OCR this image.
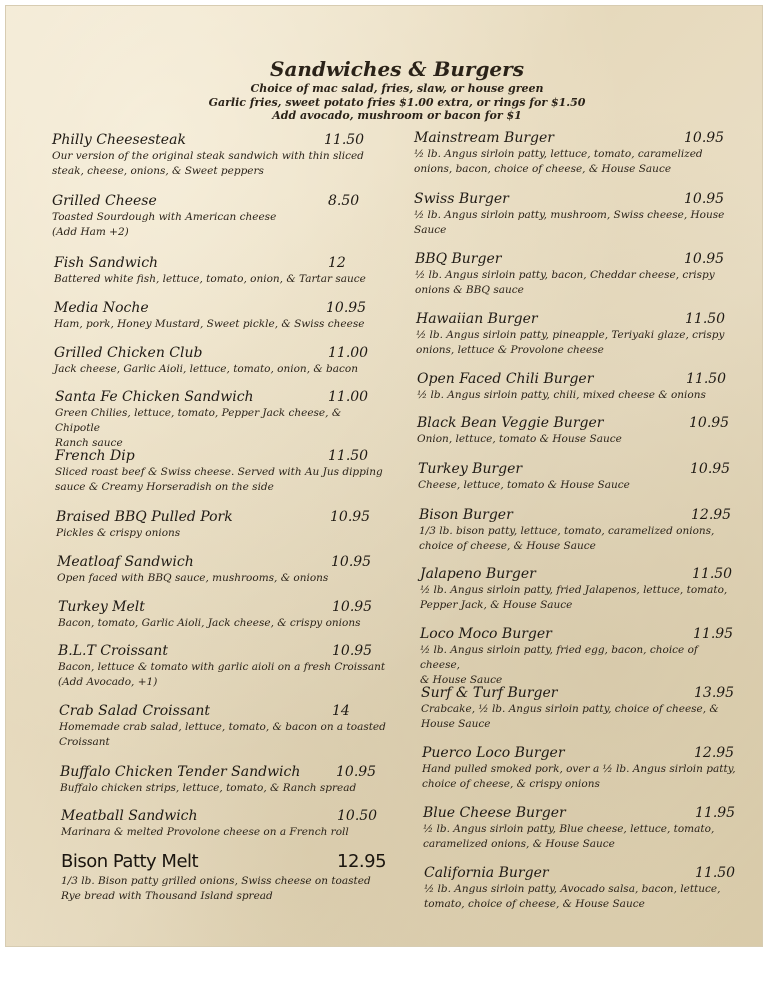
Sandwiches & Burgers
Choice of mac salad, fries, slaw, or house green
Garlic fries, sweet potato fries $1.00 extra, or rings for $1.50
Add avocado, mushroom or bacon for $1
Philly Cheesesteak	11.50
Our version of the original steak sandwich with thin sliced
steak, cheese, onions, & Sweet peppers
Grilled Cheese	8.50
Toasted Sourdough with American cheese
(Add Ham +2)
Fish Sandwich	12
Battered white fish, lettuce, tomato, onion, & Tartar sauce
Media Noche	10.95
Ham, pork, Honey Mustard, Sweet pickle, & Swiss cheese
Grilled Chicken Club	11.00
Jack cheese, Garlic Aioli, lettuce, tomato, onion, & bacon
Santa Fe Chicken Sandwich	11.00
Green Chilies, lettuce, tomato, Pepper Jack cheese, & Chipotle
Ranch sauce
French Dip	11.50
Sliced roast beef & Swiss cheese. Served with Au Jus dipping
sauce & Creamy Horseradish on the side
Braised BBQ Pulled Pork	10.95
Pickles & crispy onions
Meatloaf Sandwich	10.95
Open faced with BBQ sauce, mushrooms, & onions
Turkey Melt	10.95
Bacon, tomato, Garlic Aioli, Jack cheese, & crispy onions
B.L.T Croissant	10.95
Bacon, lettuce & tomato with garlic aioli on a fresh Croissant
(Add Avocado, +1)
Crab Salad Croissant	14
Homemade crab salad, lettuce, tomato, & bacon on a toasted
Croissant
Buffalo Chicken Tender Sandwich	10.95
Buffalo chicken strips, lettuce, tomato, & Ranch spread
Meatball Sandwich	10.50
Marinara & melted Provolone cheese on a French roll
Bison Patty Melt	12.95
1/3 lb. Bison patty grilled onions, Swiss cheese on toasted
Rye bread with Thousand Island spread
Mainstream Burger	10.95
½ lb. Angus sirloin patty, lettuce, tomato, caramelized
onions, bacon, choice of cheese, & House Sauce
Swiss Burger	10.95
½ lb. Angus sirloin patty, mushroom, Swiss cheese, House
Sauce
BBQ Burger	10.95
½ lb. Angus sirloin patty, bacon, Cheddar cheese, crispy
onions & BBQ sauce
Hawaiian Burger	11.50
½ lb. Angus sirloin patty, pineapple, Teriyaki glaze, crispy
onions, lettuce & Provolone cheese
Open Faced Chili Burger	11.50
½ lb. Angus sirloin patty, chili, mixed cheese & onions
Black Bean Veggie Burger	10.95
Onion, lettuce, tomato & House Sauce
Turkey Burger	10.95
Cheese, lettuce, tomato & House Sauce
Bison Burger	12.95
1/3 lb. bison patty, lettuce, tomato, caramelized onions,
choice of cheese, & House Sauce
Jalapeno Burger	11.50
½ lb. Angus sirloin patty, fried Jalapenos, lettuce, tomato,
Pepper Jack, & House Sauce
Loco Moco Burger	11.95
½ lb. Angus sirloin patty, fried egg, bacon, choice of cheese,
& House Sauce
Surf & Turf Burger	13.95
Crabcake, ½ lb. Angus sirloin patty, choice of cheese, &
House Sauce
Puerco Loco Burger	12.95
Hand pulled smoked pork, over a ½ lb. Angus sirloin patty,
choice of cheese, & crispy onions
Blue Cheese Burger	11.95
½ lb. Angus sirloin patty, Blue cheese, lettuce, tomato,
caramelized onions, & House Sauce
California Burger	11.50
½ lb. Angus sirloin patty, Avocado salsa, bacon, lettuce,
tomato, choice of cheese, & House Sauce
